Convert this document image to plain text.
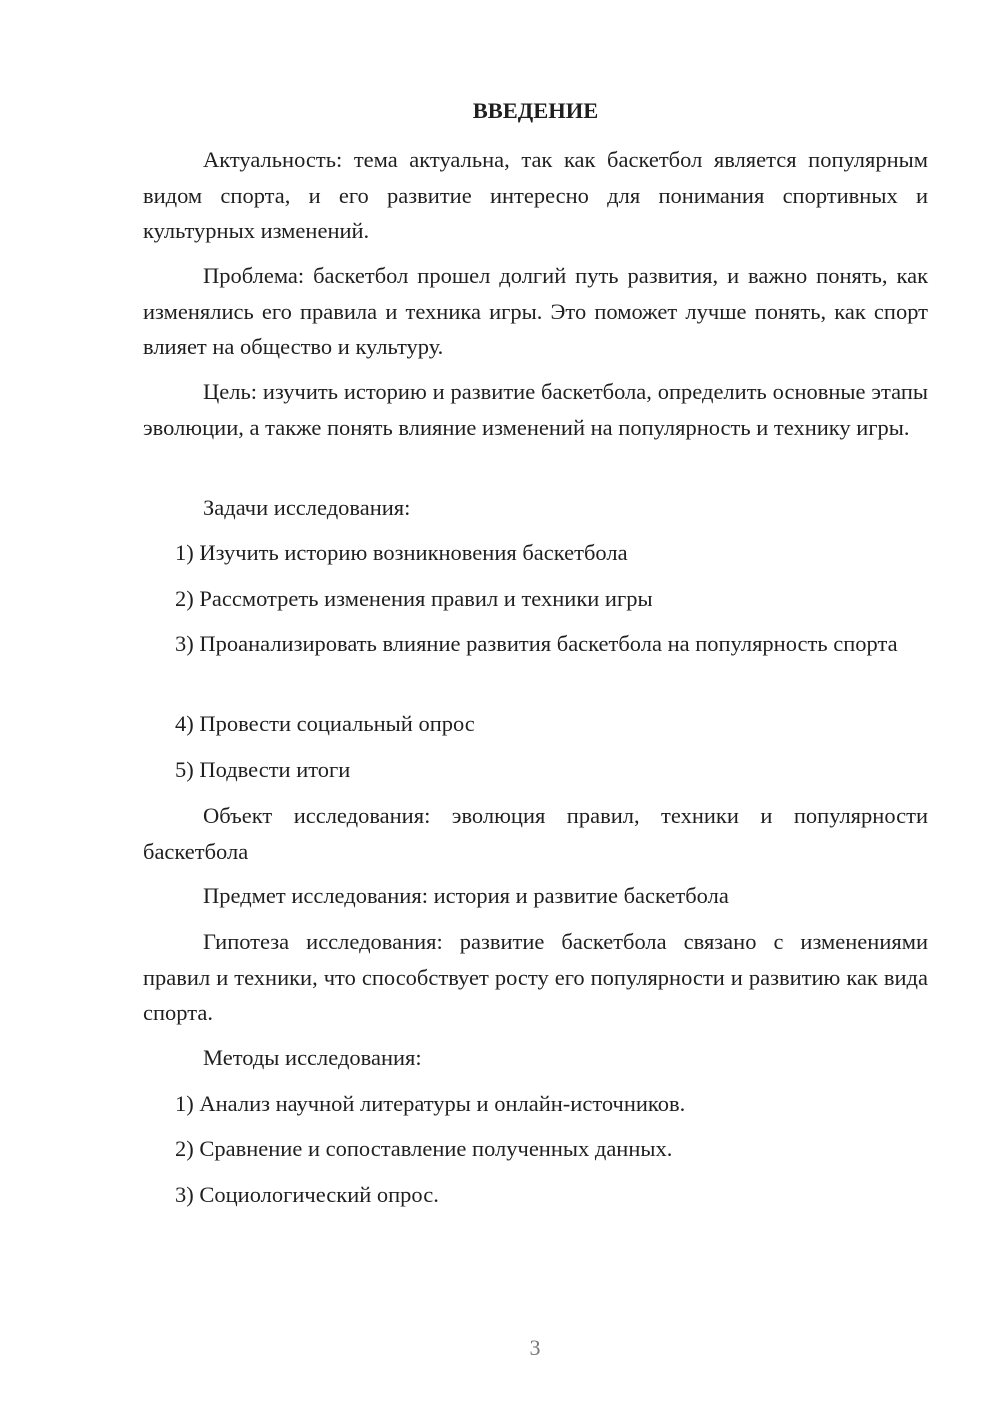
ВВЕДЕНИЕ

Актуальность: тема актуальна, так как баскетбол является популярным видом спорта, и его развитие интересно для понимания спортивных и культурных изменений.

Проблема: баскетбол прошел долгий путь развития, и важно понять, как изменялись его правила и техника игры. Это поможет лучше понять, как спорт влияет на общество и культуру.

Цель: изучить историю и развитие баскетбола, определить основные этапы эволюции, а также понять влияние изменений на популярность и технику игры.

Задачи исследования:

1) Изучить историю возникновения баскетбола

2) Рассмотреть изменения правил и техники игры

3) Проанализировать влияние развития баскетбола на популярность спорта

4) Провести социальный опрос

5) Подвести итоги

Объект исследования: эволюция правил, техники и популярности баскетбола

Предмет исследования: история и развитие баскетбола

Гипотеза исследования: развитие баскетбола связано с изменениями правил и техники, что способствует росту его популярности и развитию как вида спорта.

Методы исследования:

1) Анализ научной литературы и онлайн-источников.

2) Сравнение и сопоставление полученных данных.

3) Социологический опрос.

3
